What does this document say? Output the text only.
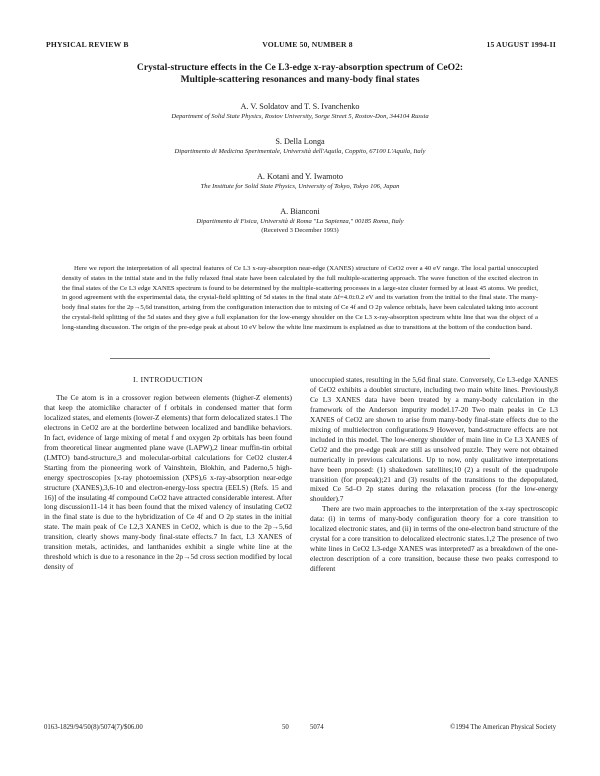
PHYSICAL REVIEW B	VOLUME 50, NUMBER 8	15 AUGUST 1994-II
Crystal-structure effects in the Ce L3-edge x-ray-absorption spectrum of CeO2:
Multiple-scattering resonances and many-body final states
A. V. Soldatov and T. S. Ivanchenko
Department of Solid State Physics, Rostov University, Sorge Street 5, Rostov-Don, 344104 Russia
S. Della Longa
Dipartimento di Medicina Sperimentale, Università dell'Aquila, Coppito, 67100 L'Aquila, Italy
A. Kotani and Y. Iwamoto
The Institute for Solid State Physics, University of Tokyo, Tokyo 106, Japan
A. Bianconi
Dipartimento di Fisica, Università di Roma "La Sapienza," 00185 Roma, Italy
(Received 3 December 1993)
Here we report the interpretation of all spectral features of Ce L3 x-ray-absorption near-edge (XANES) structure of CeO2 over a 40 eV range. The local partial unoccupied density of states in the initial state and in the fully relaxed final state have been calculated by the full multiple-scattering approach. The wave function of the excited electron in the final states of the Ce L3 edge XANES spectrum is found to be determined by the multiple-scattering processes in a large-size cluster formed by at least 45 atoms. We predict, in good agreement with the experimental data, the crystal-field splitting of 5d states in the final state Δf=4.0±0.2 eV and its variation from the initial to the final state. The many-body final states for the 2p→5,6d transition, arising from the configuration interaction due to mixing of Ce 4f and O 2p valence orbitals, have been calculated taking into account the crystal-field splitting of the 5d states and they give a full explanation for the low-energy shoulder on the Ce L3 x-ray-absorption spectrum white line that was the object of a long-standing discussion. The origin of the pre-edge peak at about 10 eV below the white line maximum is explained as due to transitions at the bottom of the conduction band.
I. INTRODUCTION

The Ce atom is in a crossover region between elements (higher-Z elements) that keep the atomiclike character of f orbitals in condensed matter that form localized states, and elements (lower-Z elements) that form delocalized states.1 The electrons in CeO2 are at the borderline between localized and bandlike behaviors. In fact, evidence of large mixing of metal f and oxygen 2p orbitals has been found from theoretical linear augmented plane wave (LAPW),2 linear muffin-tin orbital (LMTO) band-structure,3 and molecular-orbital calculations for CeO2 cluster.4 Starting from the pioneering work of Vainshtein, Blokhin, and Paderno,5 high-energy spectroscopies [x-ray photoemission (XPS),6 x-ray-absorption near-edge structure (XANES),3,6-10 and electron-energy-loss spectra (EELS) (Refs. 15 and 16)] of the insulating 4f compound CeO2 have attracted considerable interest. After long discussion11-14 it has been found that the mixed valency of insulating CeO2 in the final state is due to the hybridization of Ce 4f and O 2p states in the initial state. The main peak of Ce L2,3 XANES in CeO2, which is due to the 2p→5,6d transition, clearly shows many-body final-state effects.7 In fact, L3 XANES of transition metals, actinides, and lanthanides exhibit a single white line at the threshold which is due to a resonance in the 2p→5d cross section modified by local density of

unoccupied states, resulting in the 5,6d final state. Conversely, Ce L3-edge XANES of CeO2 exhibits a doublet structure, including two main white lines. Previously,8 Ce L3 XANES data have been treated by a many-body calculation in the framework of the Anderson impurity model.17-20 Two main peaks in Ce L3 XANES of CeO2 are shown to arise from many-body final-state effects due to the mixing of multielectron configurations.9 However, band-structure effects are not included in this model. The low-energy shoulder of main line in Ce L3 XANES of CeO2 and the pre-edge peak are still as unsolved puzzle. They were not obtained numerically in previous calculations. Up to now, only qualitative interpretations have been proposed: (1) shakedown satellites;10 (2) a result of the quadrupole transition (for prepeak);21 and (3) results of the transitions to the depopulated, mixed Ce 5d–O 2p states during the relaxation process (for the low-energy shoulder).7

There are two main approaches to the interpretation of the x-ray spectroscopic data: (i) in terms of many-body configuration theory for a core transition to localized electronic states, and (ii) in terms of the one-electron band structure of the crystal for a core transition to delocalized electronic states.1,2 The presence of two white lines in CeO2 L3-edge XANES was interpreted7 as a breakdown of the one-electron description of a core transition, because these two peaks correspond to different

0163-1829/94/50(8)/5074(7)/$06.00	50	5074	©1994 The American Physical Society
